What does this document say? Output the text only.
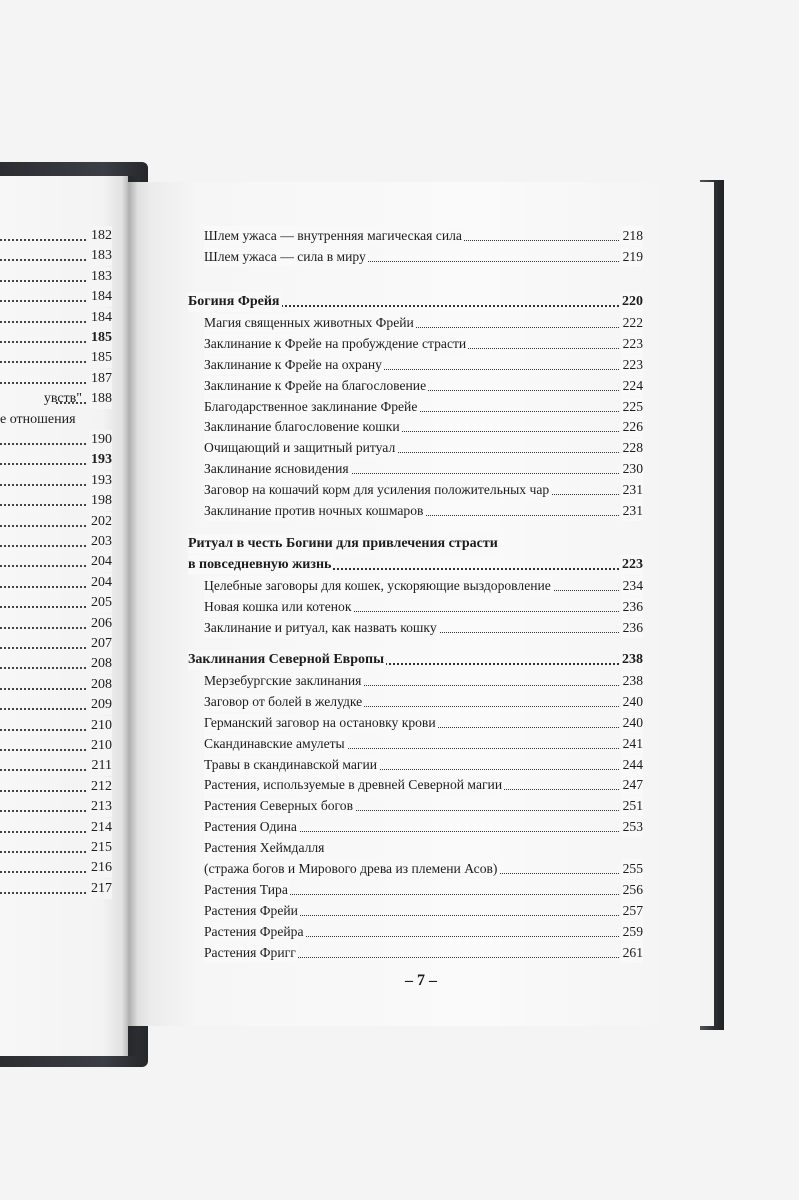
182
183
183
184
184
185
185
187
увств" 188
е отношения
190
193
193
198
202
203
204
204
205
206
207
208
208
209
210
210
211
212
213
214
215
216
217
Шлем ужаса — внутренняя магическая сила	218
Шлем ужаса — сила в миру	219
Богиня Фрейя	220
Магия священных животных Фрейи	222
Заклинание к Фрейе на пробуждение страсти	223
Заклинание к Фрейе на охрану	223
Заклинание к Фрейе на благословение	224
Благодарственное заклинание Фрейе	225
Заклинание благословение кошки	226
Очищающий и защитный ритуал	228
Заклинание ясновидения	230
Заговор на кошачий корм для усиления положительных чар	231
Заклинание против ночных кошмаров	231
Ритуал в честь Богини для привлечения страсти
в повседневную жизнь	223
Целебные заговоры для кошек, ускоряющие выздоровление	234
Новая кошка или котенок	236
Заклинание и ритуал, как назвать кошку	236
Заклинания Северной Европы	238
Мерзебургские заклинания	238
Заговор от болей в желудке	240
Германский заговор на остановку крови	240
Скандинавские амулеты	241
Травы в скандинавской магии	244
Растения, используемые в древней Северной магии	247
Растения Северных богов	251
Растения Одина	253
Растения Хеймдалля
(стража богов и Мирового древа из племени Асов)	255
Растения Тира	256
Растения Фрейи	257
Растения Фрейра	259
Растения Фригг	261
– 7 –
